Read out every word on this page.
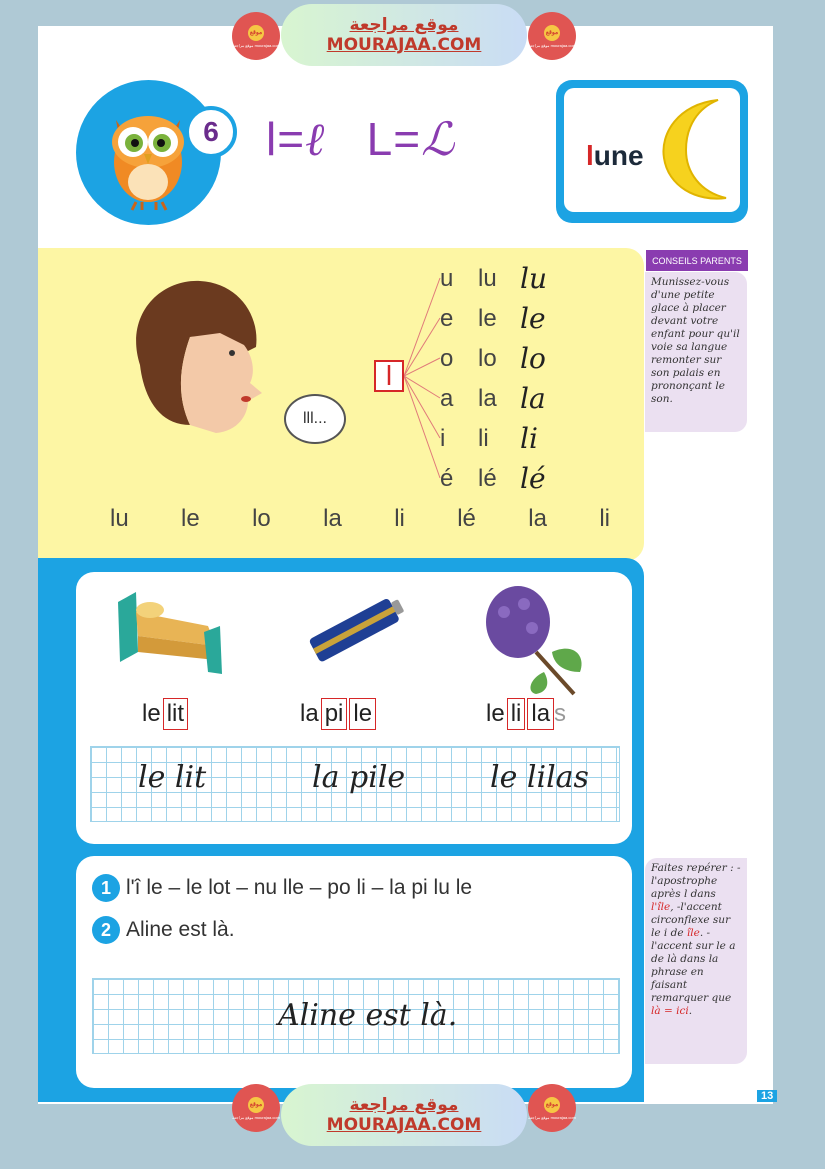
موقع
موقع مراجعة mourajaa.com
موقع مراجعة
MOURAJAA.COM
موقع
موقع مراجعة mourajaa.com
6	l=ℓ L=ℒ	lune
lll...
l
u	lu lu
e	le le
o	lo lo
a	la la
i	li	li
é	lé lé
lu le lo la li lé la li
CONSEILS PARENTS
Munissez-vous d'une petite glace à placer devant votre enfant pour qu'il voie sa langue remonter sur son palais en prononçant le son.
Faites repérer : -l'apostrophe après l dans l'île, -l'accent circonflexe sur le i de île. -l'accent sur le a de là dans la phrase en faisant remarquer que là = ici.
le lit	la pi le	le li la s
le lit	la pile	le lilas
1 l'î le – le lot – nu lle – po li – la pi lu le
2 Aline est là.
Aline est là.
13
موقع
موقع مراجعة mourajaa.com
موقع مراجعة
MOURAJAA.COM
موقع
موقع مراجعة mourajaa.com
